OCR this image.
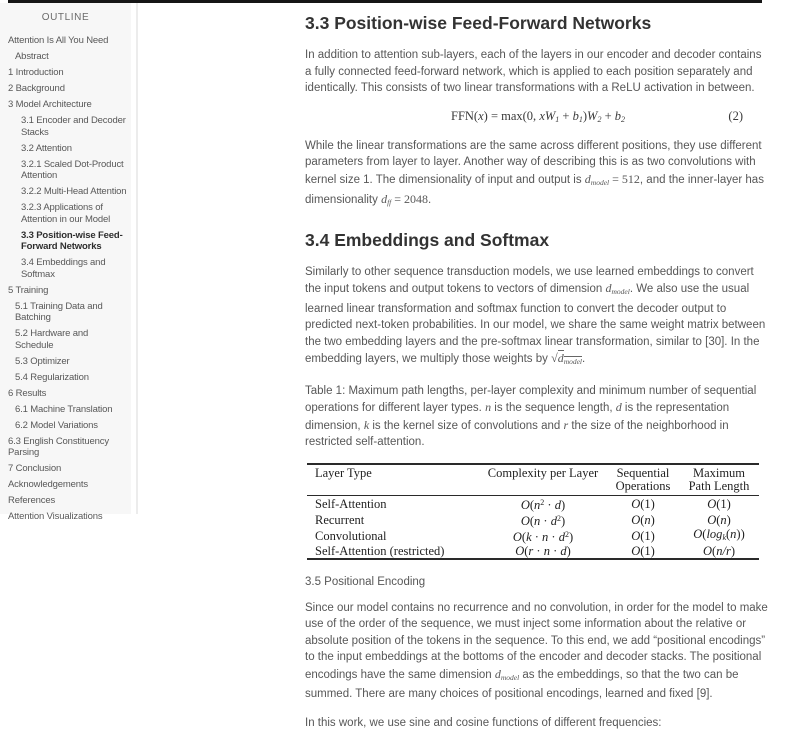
OUTLINE
Attention Is All You Need
Abstract
1 Introduction
2 Background
3 Model Architecture
3.1 Encoder and Decoder Stacks
3.2 Attention
3.2.1 Scaled Dot-Product Attention
3.2.2 Multi-Head Attention
3.2.3 Applications of Attention in our Model
3.3 Position-wise Feed-Forward Networks
3.4 Embeddings and Softmax
5 Training
5.1 Training Data and Batching
5.2 Hardware and Schedule
5.3 Optimizer
5.4 Regularization
6 Results
6.1 Machine Translation
6.2 Model Variations
6.3 English Constituency Parsing
7 Conclusion
Acknowledgements
References
Attention Visualizations
3.3 Position-wise Feed-Forward Networks

In addition to attention sub-layers, each of the layers in our encoder and decoder contains a fully connected feed-forward network, which is applied to each position separately and identically. This consists of two linear transformations with a ReLU activation in between.

FFN(x) = max(0, xW1 + b1)W2 + b2	(2)

While the linear transformations are the same across different positions, they use different parameters from layer to layer. Another way of describing this is as two convolutions with kernel size 1. The dimensionality of input and output is dmodel = 512, and the inner-layer has dimensionality dff = 2048.

3.4 Embeddings and Softmax

Similarly to other sequence transduction models, we use learned embeddings to convert the input tokens and output tokens to vectors of dimension dmodel. We also use the usual learned linear transformation and softmax function to convert the decoder output to predicted next-token probabilities. In our model, we share the same weight matrix between the two embedding layers and the pre-softmax linear transformation, similar to [30]. In the embedding layers, we multiply those weights by √dmodel.

Table 1: Maximum path lengths, per-layer complexity and minimum number of sequential operations for different layer types. n is the sequence length, d is the representation dimension, k is the kernel size of convolutions and r the size of the neighborhood in restricted self-attention.

Layer Type	Complexity per Layer	Sequential Operations	Maximum Path Length
Self-Attention	$O(n^2 \cdot d)$	O(1)	O(1)
Recurrent	$O(n \cdot d^2)$	O(n)	O(n)
Convolutional	$O(k \cdot n \cdot d^2)$	O(1)	O(logk(n))
Self-Attention (restricted)	O(r · n · d)	O(1)	O(n/r)
3.5 Positional Encoding

Since our model contains no recurrence and no convolution, in order for the model to make use of the order of the sequence, we must inject some information about the relative or absolute position of the tokens in the sequence. To this end, we add “positional encodings” to the input embeddings at the bottoms of the encoder and decoder stacks. The positional encodings have the same dimension dmodel as the embeddings, so that the two can be summed. There are many choices of positional encodings, learned and fixed [9].

In this work, we use sine and cosine functions of different frequencies:
